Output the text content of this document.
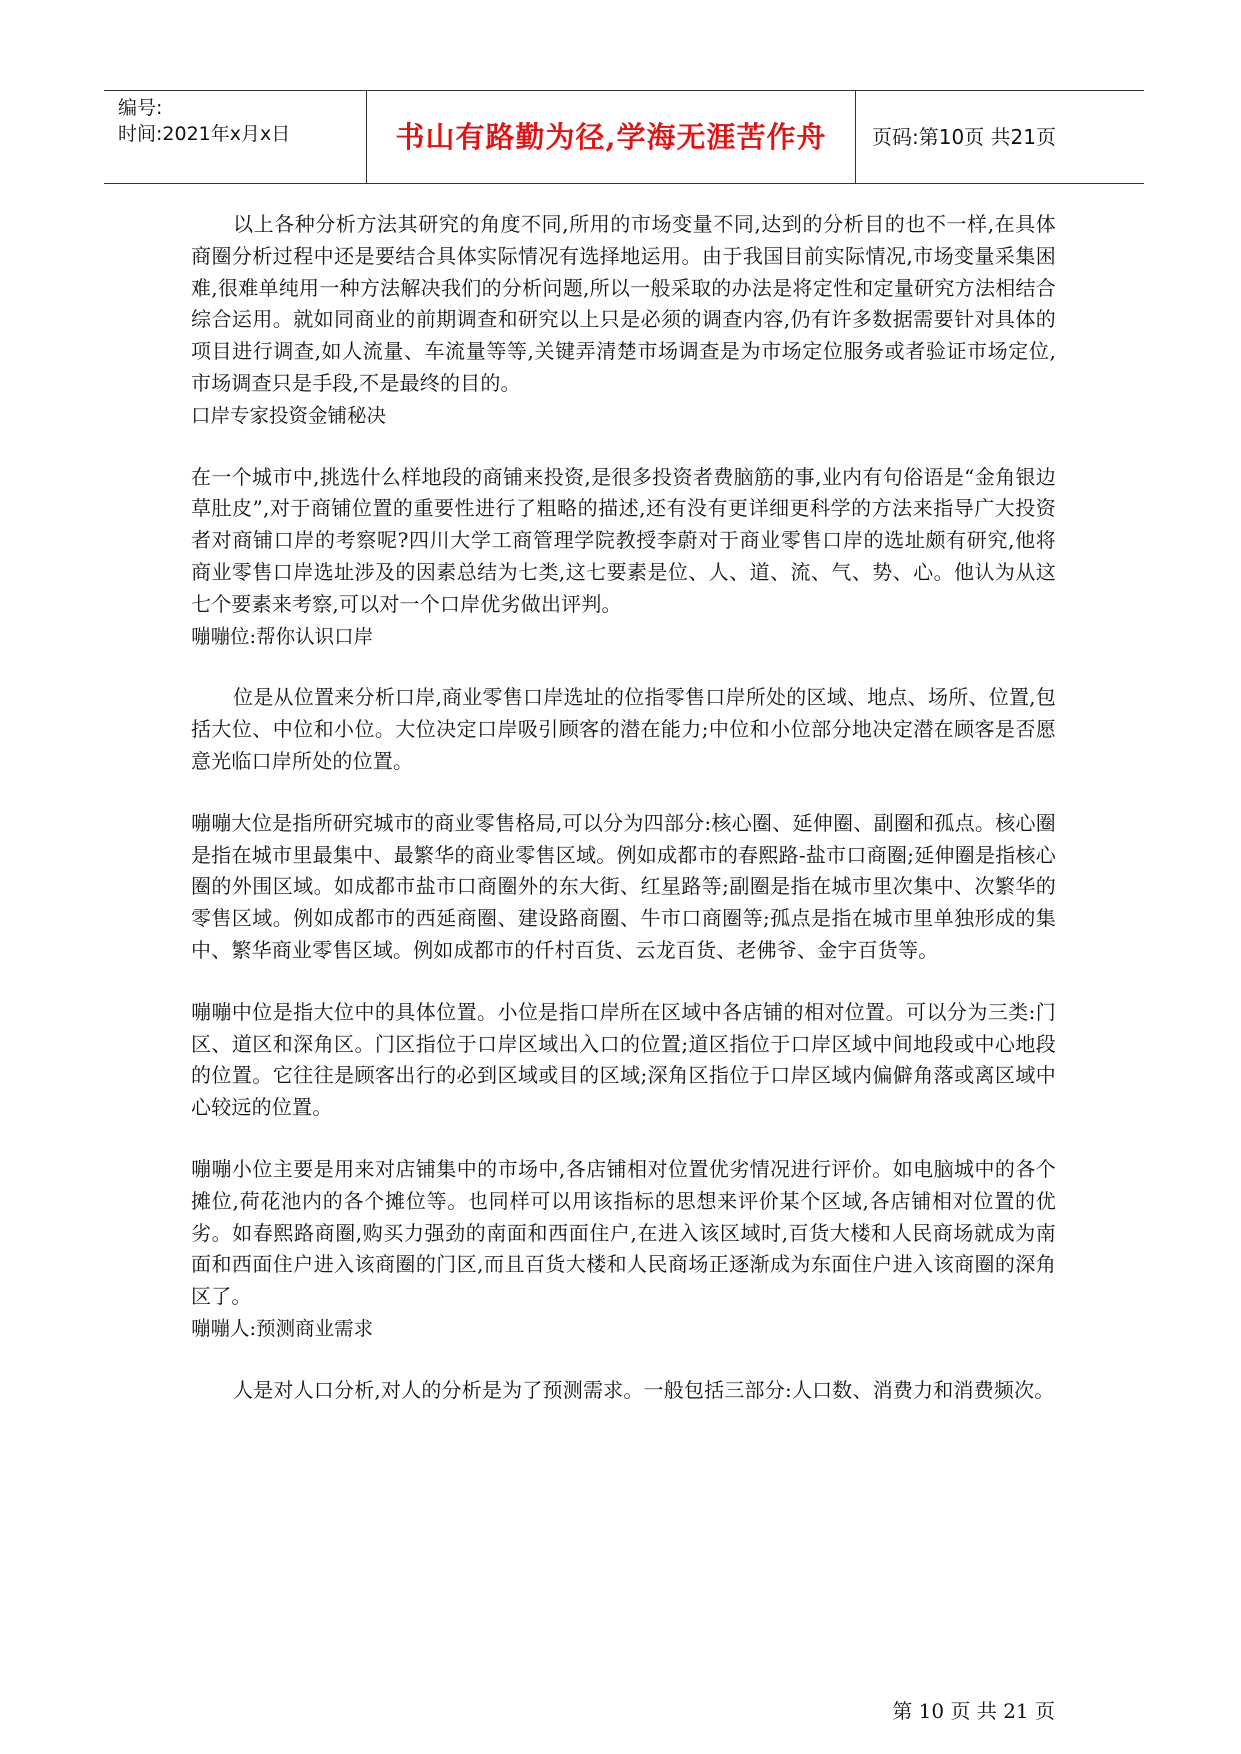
编号:
时间:2021年x月x日	书山有路勤为径,学海无涯苦作舟	页码:第10页 共21页

以上各种分析方法其研究的角度不同,所用的市场变量不同,达到的分析目的也不一样,在具体商圈分析过程中还是要结合具体实际情况有选择地运用。由于我国目前实际情况,市场变量采集困难,很难单纯用一种方法解决我们的分析问题,所以一般采取的办法是将定性和定量研究方法相结合综合运用。就如同商业的前期调查和研究以上只是必须的调查内容,仍有许多数据需要针对具体的项目进行调查,如人流量、车流量等等,关键弄清楚市场调查是为市场定位服务或者验证市场定位,市场调查只是手段,不是最终的目的。

口岸专家投资金铺秘决

在一个城市中,挑选什么样地段的商铺来投资,是很多投资者费脑筋的事,业内有句俗语是“金角银边草肚皮”,对于商铺位置的重要性进行了粗略的描述,还有没有更详细更科学的方法来指导广大投资者对商铺口岸的考察呢?四川大学工商管理学院教授李蔚对于商业零售口岸的选址颇有研究,他将商业零售口岸选址涉及的因素总结为七类,这七要素是位、人、道、流、气、势、心。他认为从这七个要素来考察,可以对一个口岸优劣做出评判。

嘣嘣位:帮你认识口岸

位是从位置来分析口岸,商业零售口岸选址的位指零售口岸所处的区域、地点、场所、位置,包括大位、中位和小位。大位决定口岸吸引顾客的潜在能力;中位和小位部分地决定潜在顾客是否愿意光临口岸所处的位置。

嘣嘣大位是指所研究城市的商业零售格局,可以分为四部分:核心圈、延伸圈、副圈和孤点。核心圈是指在城市里最集中、最繁华的商业零售区域。例如成都市的春熙路-盐市口商圈;延伸圈是指核心圈的外围区域。如成都市盐市口商圈外的东大街、红星路等;副圈是指在城市里次集中、次繁华的零售区域。例如成都市的西延商圈、建设路商圈、牛市口商圈等;孤点是指在城市里单独形成的集中、繁华商业零售区域。例如成都市的仟村百货、云龙百货、老佛爷、金宇百货等。

嘣嘣中位是指大位中的具体位置。小位是指口岸所在区域中各店铺的相对位置。可以分为三类:门区、道区和深角区。门区指位于口岸区域出入口的位置;道区指位于口岸区域中间地段或中心地段的位置。它往往是顾客出行的必到区域或目的区域;深角区指位于口岸区域内偏僻角落或离区域中心较远的位置。

嘣嘣小位主要是用来对店铺集中的市场中,各店铺相对位置优劣情况进行评价。如电脑城中的各个摊位,荷花池内的各个摊位等。也同样可以用该指标的思想来评价某个区域,各店铺相对位置的优劣。如春熙路商圈,购买力强劲的南面和西面住户,在进入该区域时,百货大楼和人民商场就成为南面和西面住户进入该商圈的门区,而且百货大楼和人民商场正逐渐成为东面住户进入该商圈的深角区了。

嘣嘣人:预测商业需求

人是对人口分析,对人的分析是为了预测需求。一般包括三部分:人口数、消费力和消费频次。

第 10 页 共 21 页
